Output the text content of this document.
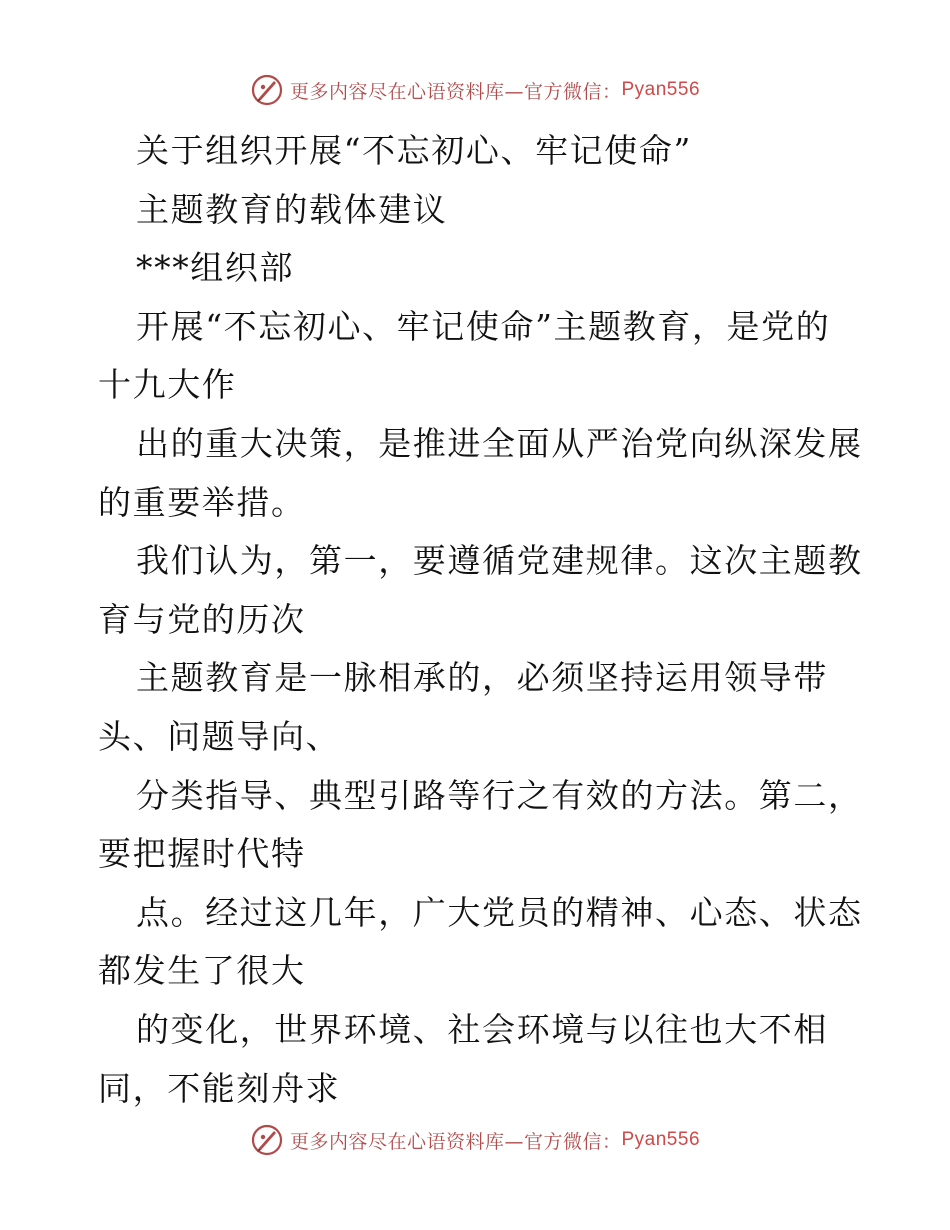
更多内容尽在心语资料库—官方微信： Pyan556
关于组织开展“不忘初心、牢记使命”
主题教育的载体建议
***组织部
开展“不忘初心、牢记使命”主题教育，是党的
十九大作
出的重大决策，是推进全面从严治党向纵深发展
的重要举措。
我们认为，第一，要遵循党建规律。这次主题教
育与党的历次
主题教育是一脉相承的，必须坚持运用领导带
头、问题导向、
分类指导、典型引路等行之有效的方法。第二，
要把握时代特
点。经过这几年，广大党员的精神、心态、状态
都发生了很大
的变化，世界环境、社会环境与以往也大不相
同，不能刻舟求
更多内容尽在心语资料库—官方微信： Pyan556
